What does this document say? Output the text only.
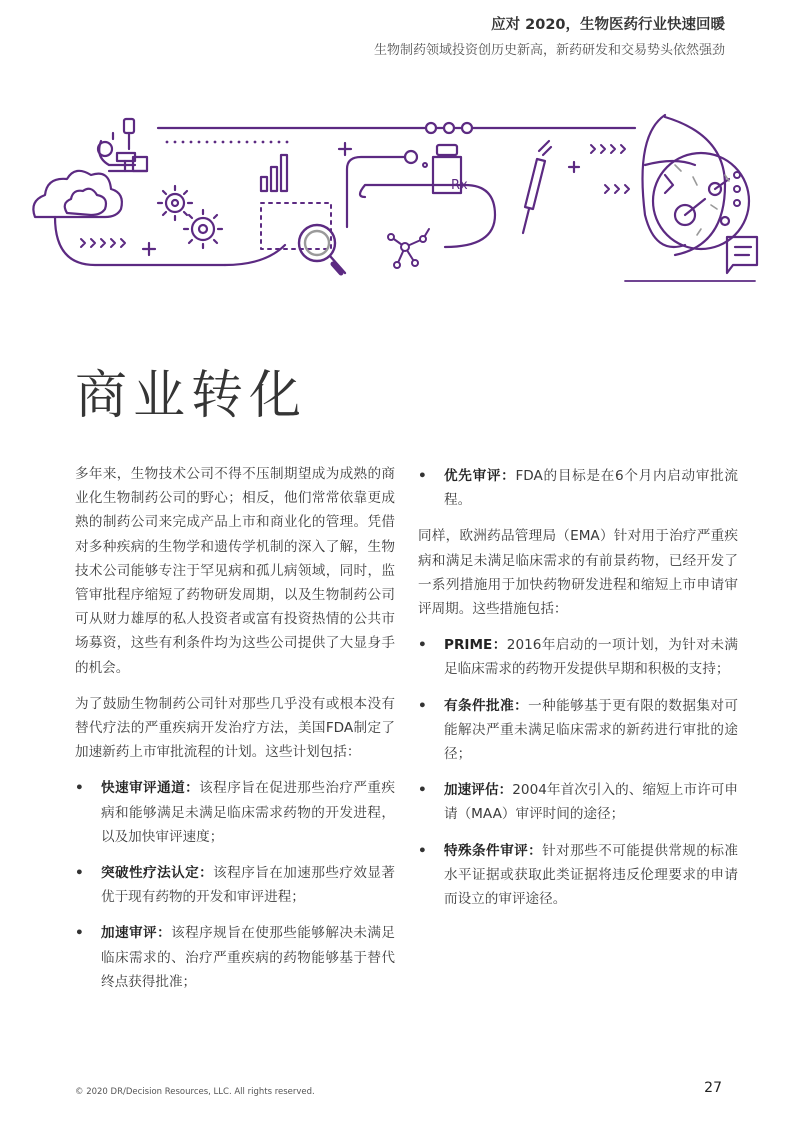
应对 2020，生物医药行业快速回暖
生物制药领域投资创历史新高，新药研发和交易势头依然强劲
Rx
商业转化

多年来，生物技术公司不得不压制期望成为成熟的商业化生物制药公司的野心；相反，他们常常依靠更成熟的制药公司来完成产品上市和商业化的管理。凭借对多种疾病的生物学和遗传学机制的深入了解，生物技术公司能够专注于罕见病和孤儿病领域，同时，监管审批程序缩短了药物研发周期，以及生物制药公司可从财力雄厚的私人投资者或富有投资热情的公共市场募资，这些有利条件均为这些公司提供了大显身手的机会。

为了鼓励生物制药公司针对那些几乎没有或根本没有替代疗法的严重疾病开发治疗方法，美国FDA制定了加速新药上市审批流程的计划。这些计划包括：

• 快速审评通道：该程序旨在促进那些治疗严重疾病和能够满足未满足临床需求药物的开发进程，以及加快审评速度；
• 突破性疗法认定：该程序旨在加速那些疗效显著优于现有药物的开发和审评进程；
• 加速审评：该程序规旨在使那些能够解决未满足临床需求的、治疗严重疾病的药物能够基于替代终点获得批准；
• 优先审评：FDA的目标是在6个月内启动审批流程。

同样，欧洲药品管理局（EMA）针对用于治疗严重疾病和满足未满足临床需求的有前景药物，已经开发了一系列措施用于加快药物研发进程和缩短上市申请审评周期。这些措施包括：

• PRIME：2016年启动的一项计划，为针对未满足临床需求的药物开发提供早期和积极的支持；
• 有条件批准：一种能够基于更有限的数据集对可能解决严重未满足临床需求的新药进行审批的途径；
• 加速评估：2004年首次引入的、缩短上市许可申请（MAA）审评时间的途径；
• 特殊条件审评：针对那些不可能提供常规的标准水平证据或获取此类证据将违反伦理要求的申请而设立的审评途径。
© 2020 DR/Decision Resources, LLC. All rights reserved.	27
